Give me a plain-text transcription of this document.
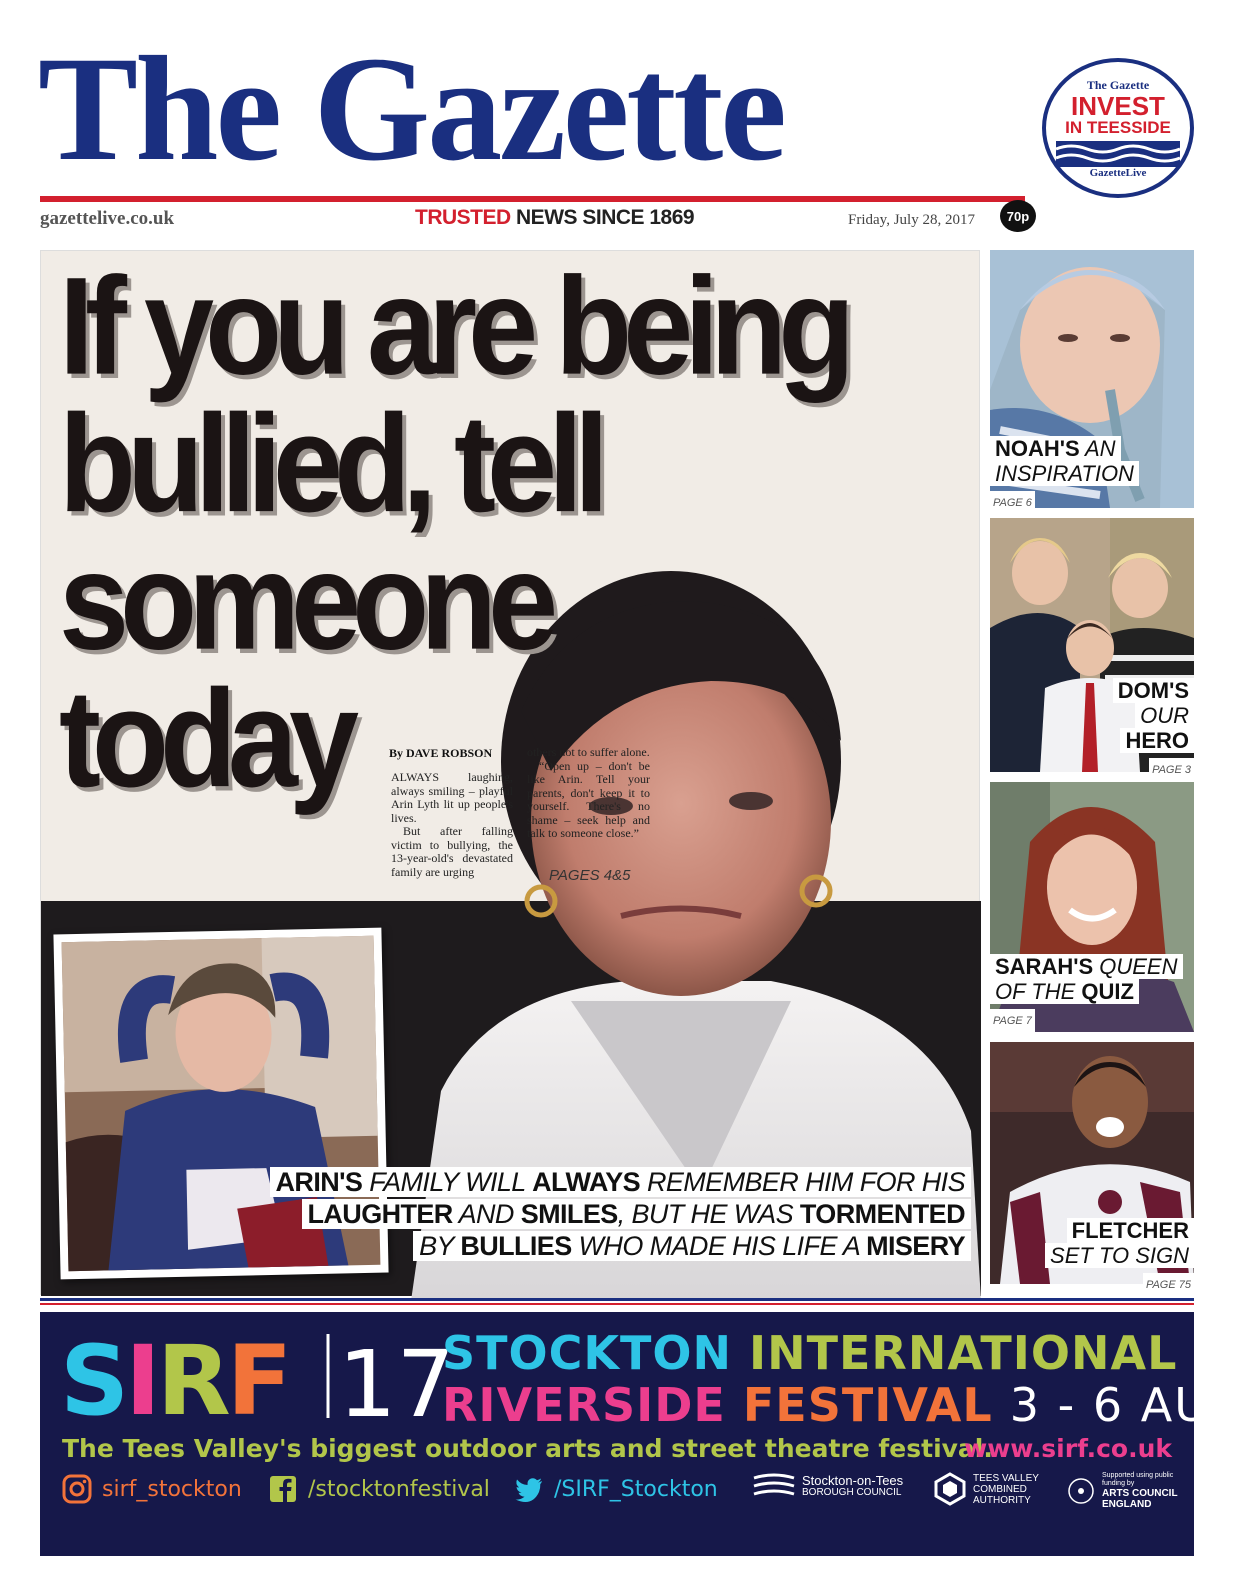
The Gazette	The Gazette
INVEST
IN TEESSIDE
GazetteLive
gazettelive.co.uk	TRUSTED NEWS SINCE 1869	Friday, July 28, 2017	70p
If you are being
bullied, tell
someone
today	By DAVE ROBSON

ALWAYS laughing, always smiling – playful Arin Lyth lit up people's lives.

But after falling victim to bullying, the 13-year-old's devastated family are urging

others not to suffer alone.

“Open up – don't be like Arin. Tell your parents, don't keep it to yourself. There's no shame – seek help and talk to someone close.”

PAGES 4&5
ARIN'S FAMILY WILL ALWAYS REMEMBER HIM FOR HIS
LAUGHTER AND SMILES, BUT HE WAS TORMENTED
BY BULLIES WHO MADE HIS LIFE A MISERY
NOAH'S AN
INSPIRATION
PAGE 6
DOM'S
OUR
HERO
PAGE 3
SARAH'S QUEEN
OF THE QUIZ
PAGE 7
FLETCHER
SET TO SIGN
PAGE 75
SIRF 17
STOCKTON INTERNATIONAL
RIVERSIDE FESTIVAL 3 - 6 AUG
The Tees Valley's biggest outdoor arts and street theatre festival.
www.sirf.co.uk
sirf_stockton	/stocktonfestival	/SIRF_Stockton	Stockton-on-Tees
BOROUGH COUNCIL
TEES VALLEY
COMBINED
AUTHORITY
Supported using public funding by
ARTS COUNCIL
ENGLAND
